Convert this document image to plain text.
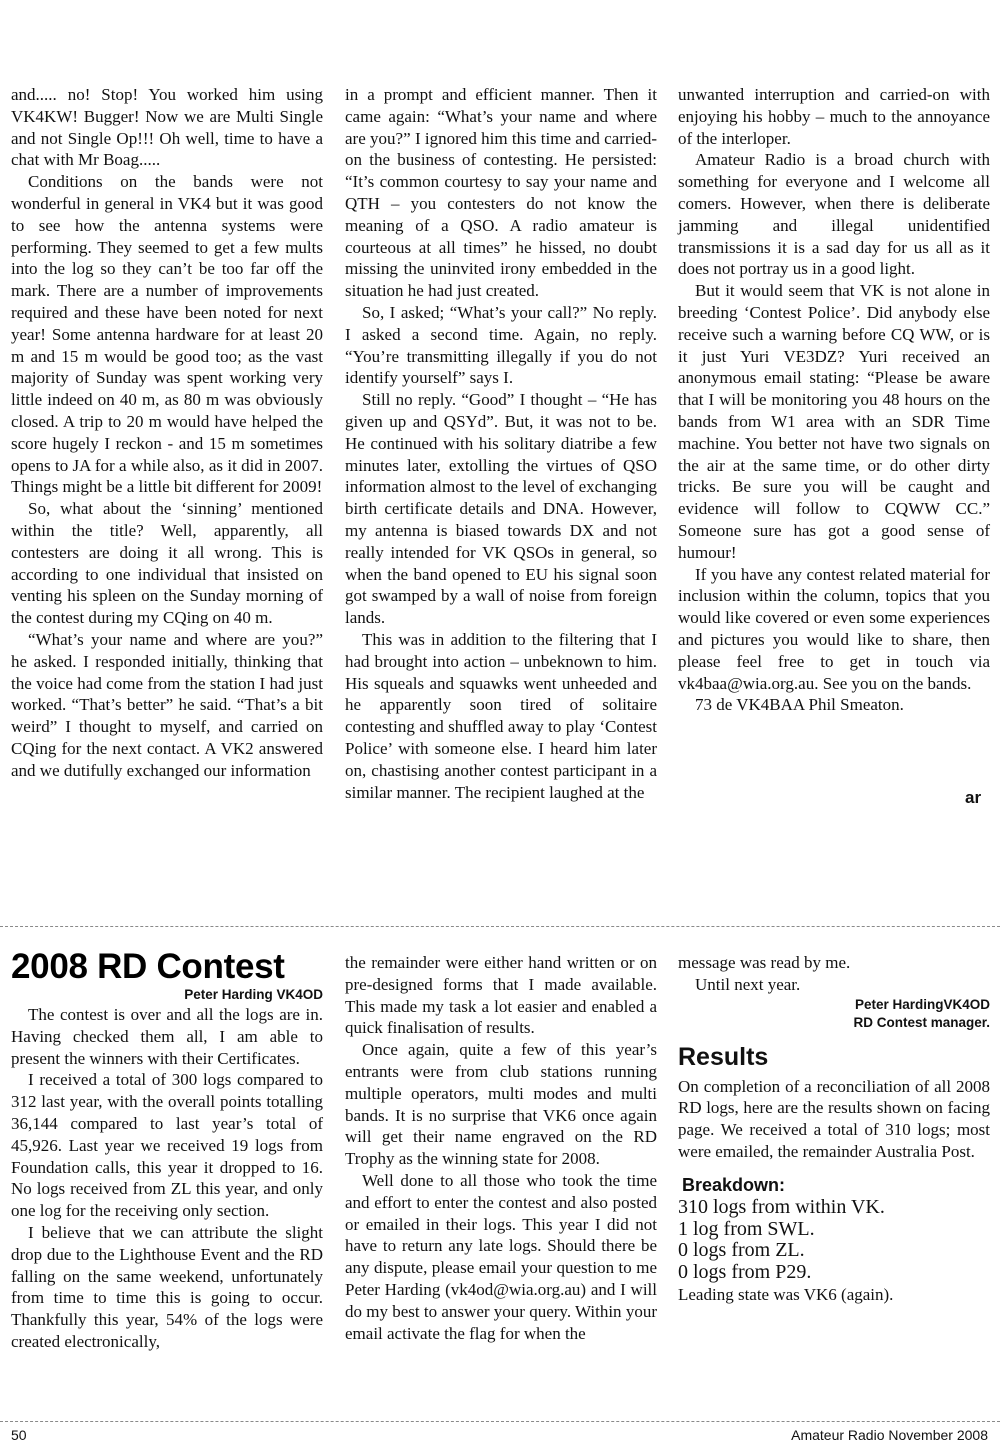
and..... no! Stop! You worked him using VK4KW! Bugger! Now we are Multi Single and not Single Op!!! Oh well, time to have a chat with Mr Boag.....

Conditions on the bands were not wonderful in general in VK4 but it was good to see how the antenna systems were performing. They seemed to get a few mults into the log so they can’t be too far off the mark. There are a number of improvements required and these have been noted for next year! Some antenna hardware for at least 20 m and 15 m would be good too; as the vast majority of Sunday was spent working very little indeed on 40 m, as 80 m was obviously closed. A trip to 20 m would have helped the score hugely I reckon - and 15 m sometimes opens to JA for a while also, as it did in 2007. Things might be a little bit different for 2009!

So, what about the ‘sinning’ mentioned within the title? Well, apparently, all contesters are doing it all wrong. This is according to one individual that insisted on venting his spleen on the Sunday morning of the contest during my CQing on 40 m.

“What’s your name and where are you?” he asked. I responded initially, thinking that the voice had come from the station I had just worked. “That’s better” he said. “That’s a bit weird” I thought to myself, and carried on CQing for the next contact. A VK2 answered and we dutifully exchanged our information

in a prompt and efficient manner. Then it came again: “What’s your name and where are you?” I ignored him this time and carried-on the business of contesting. He persisted: “It’s common courtesy to say your name and QTH – you contesters do not know the meaning of a QSO. A radio amateur is courteous at all times” he hissed, no doubt missing the uninvited irony embedded in the situation he had just created.

So, I asked; “What’s your call?” No reply. I asked a second time. Again, no reply. “You’re transmitting illegally if you do not identify yourself” says I.

Still no reply. “Good” I thought – “He has given up and QSYd”. But, it was not to be. He continued with his solitary diatribe a few minutes later, extolling the virtues of QSO information almost to the level of exchanging birth certificate details and DNA. However, my antenna is biased towards DX and not really intended for VK QSOs in general, so when the band opened to EU his signal soon got swamped by a wall of noise from foreign lands.

This was in addition to the filtering that I had brought into action – unbeknown to him. His squeals and squawks went unheeded and he apparently soon tired of solitaire contesting and shuffled away to play ‘Contest Police’ with someone else. I heard him later on, chastising another contest participant in a similar manner. The recipient laughed at the

unwanted interruption and carried-on with enjoying his hobby – much to the annoyance of the interloper.

Amateur Radio is a broad church with something for everyone and I welcome all comers. However, when there is deliberate jamming and illegal unidentified transmissions it is a sad day for us all as it does not portray us in a good light.

But it would seem that VK is not alone in breeding ‘Contest Police’. Did anybody else receive such a warning before CQ WW, or is it just Yuri VE3DZ? Yuri received an anonymous email stating: “Please be aware that I will be monitoring you 48 hours on the bands from W1 area with an SDR Time machine. You better not have two signals on the air at the same time, or do other dirty tricks. Be sure you will be caught and evidence will follow to CQWW CC.” Someone sure has got a good sense of humour!

If you have any contest related material for inclusion within the column, topics that you would like covered or even some experiences and pictures you would like to share, then please feel free to get in touch via vk4baa@wia.org.au. See you on the bands.

73 de VK4BAA Phil Smeaton.

ar
2008 RD Contest
Peter Harding VK4OD

The contest is over and all the logs are in. Having checked them all, I am able to present the winners with their Certificates.

I received a total of 300 logs compared to 312 last year, with the overall points totalling 36,144 compared to last year’s total of 45,926. Last year we received 19 logs from Foundation calls, this year it dropped to 16. No logs received from ZL this year, and only one log for the receiving only section.

I believe that we can attribute the slight drop due to the Lighthouse Event and the RD falling on the same weekend, unfortunately from time to time this is going to occur. Thankfully this year, 54% of the logs were created electronically,

the remainder were either hand written or on pre-designed forms that I made available. This made my task a lot easier and enabled a quick finalisation of results.

Once again, quite a few of this year’s entrants were from club stations running multiple operators, multi modes and multi bands. It is no surprise that VK6 once again will get their name engraved on the RD Trophy as the winning state for 2008.

Well done to all those who took the time and effort to enter the contest and also posted or emailed in their logs. This year I did not have to return any late logs. Should there be any dispute, please email your question to me Peter Harding (vk4od@wia.org.au) and I will do my best to answer your query. Within your email activate the flag for when the

message was read by me.

Until next year.

Peter HardingVK4OD
RD Contest manager.
Results

On completion of a reconciliation of all 2008 RD logs, here are the results shown on facing page. We received a total of 310 logs; most were emailed, the remainder Australia Post.

Breakdown:
310 logs from within VK.
1 log from SWL.
0 logs from ZL.
0 logs from P29.

Leading state was VK6 (again).

50	Amateur Radio November 2008
